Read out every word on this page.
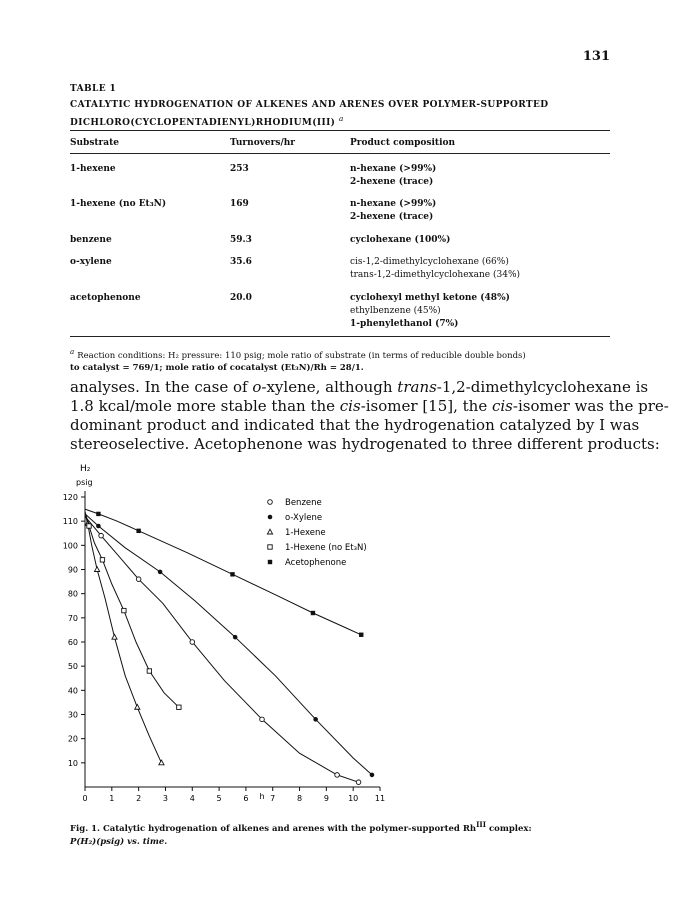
131
TABLE 1
CATALYTIC HYDROGENATION OF ALKENES AND ARENES OVER POLYMER-SUPPORTED DICHLORO(CYCLOPENTADIENYL)RHODIUM(III) $^a$
Substrate	Turnovers/hr	Product composition
1-hexene	253	n-hexane (>99%)
2-hexene (trace)
1-hexene (no Et₃N)	169	n-hexane (>99%)
2-hexene (trace)
benzene	59.3	cyclohexane (100%)
o-xylene	35.6	cis-1,2-dimethylcyclohexane (66%)
trans-1,2-dimethylcyclohexane (34%)
acetophenone	20.0	cyclohexyl methyl ketone (48%)
ethylbenzene (45%)
1-phenylethanol (7%)
$^a$ Reaction conditions: H₂ pressure: 110 psig; mole ratio of substrate (in terms of reducible double bonds)
to catalyst = 769/1; mole ratio of cocatalyst (Et₃N)/Rh = 28/1.
analyses. In the case of o-xylene, although trans-1,2-dimethylcyclohexane is
1.8 kcal/mole more stable than the cis-isomer [15], the cis-isomer was the pre-
dominant product and indicated that the hydrogenation catalyzed by I was
stereoselective. Acetophenone was hydrogenated to three different products:
H₂
psig
h
0	1	2	3	4	5	6	7	8	9 10 11
10
20
30
40
50
60
70
80
90
100
110
120
Benzene
o-Xylene
1-Hexene
1-Hexene (no Et₃N)
Acetophenone
Fig. 1. Catalytic hydrogenation of alkenes and arenes with the polymer-supported $Rh^{III}$ complex:
P(H₂)(psig) vs. time.
